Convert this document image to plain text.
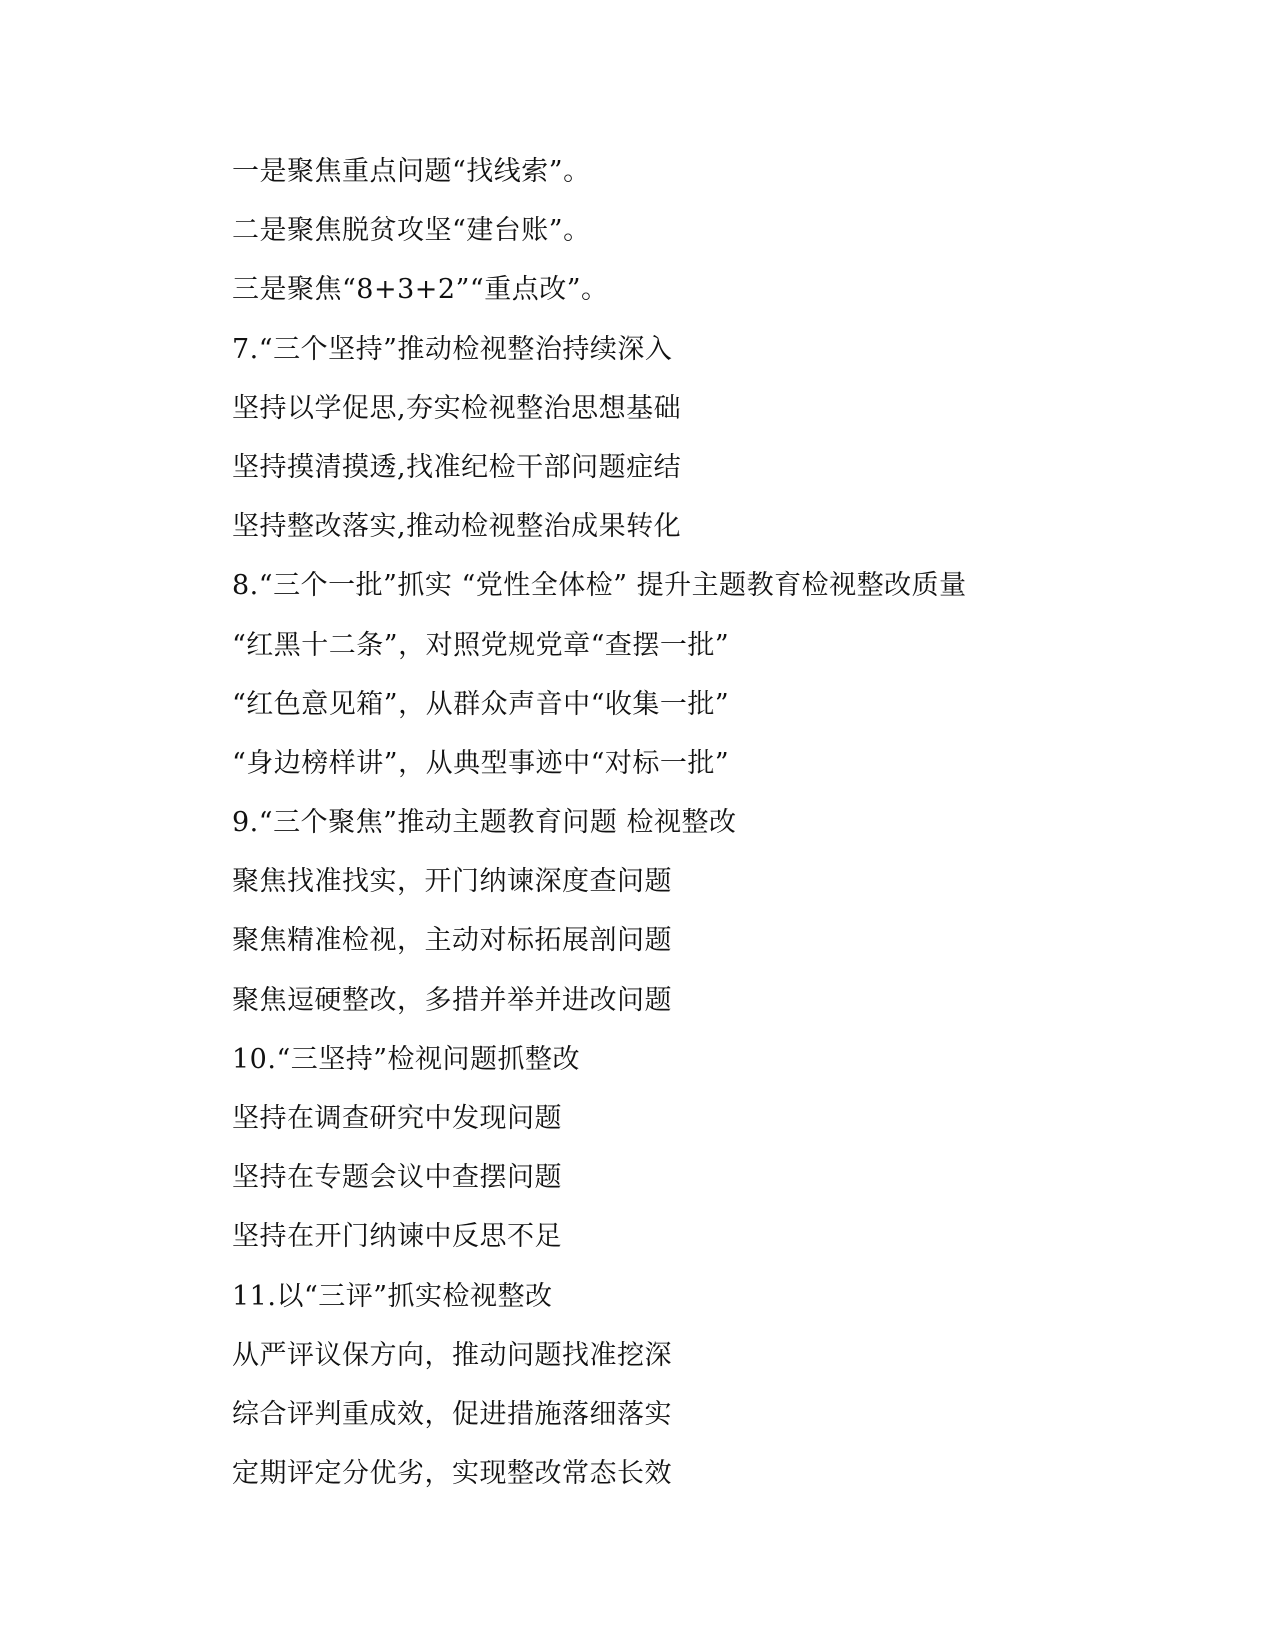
一是聚焦重点问题“找线索”。
二是聚焦脱贫攻坚“建台账”。
三是聚焦“8+3+2”“重点改”。
7.“三个坚持”推动检视整治持续深入
坚持以学促思,夯实检视整治思想基础
坚持摸清摸透,找准纪检干部问题症结
坚持整改落实,推动检视整治成果转化
8.“三个一批”抓实 “党性全体检” 提升主题教育检视整改质量
“红黑十二条”，对照党规党章“查摆一批”
“红色意见箱”，从群众声音中“收集一批”
“身边榜样讲”，从典型事迹中“对标一批”
9.“三个聚焦”推动主题教育问题 检视整改
聚焦找准找实，开门纳谏深度查问题
聚焦精准检视，主动对标拓展剖问题
聚焦逗硬整改，多措并举并进改问题
10.“三坚持”检视问题抓整改
坚持在调查研究中发现问题
坚持在专题会议中查摆问题
坚持在开门纳谏中反思不足
11.以“三评”抓实检视整改
从严评议保方向，推动问题找准挖深
综合评判重成效，促进措施落细落实
定期评定分优劣，实现整改常态长效
